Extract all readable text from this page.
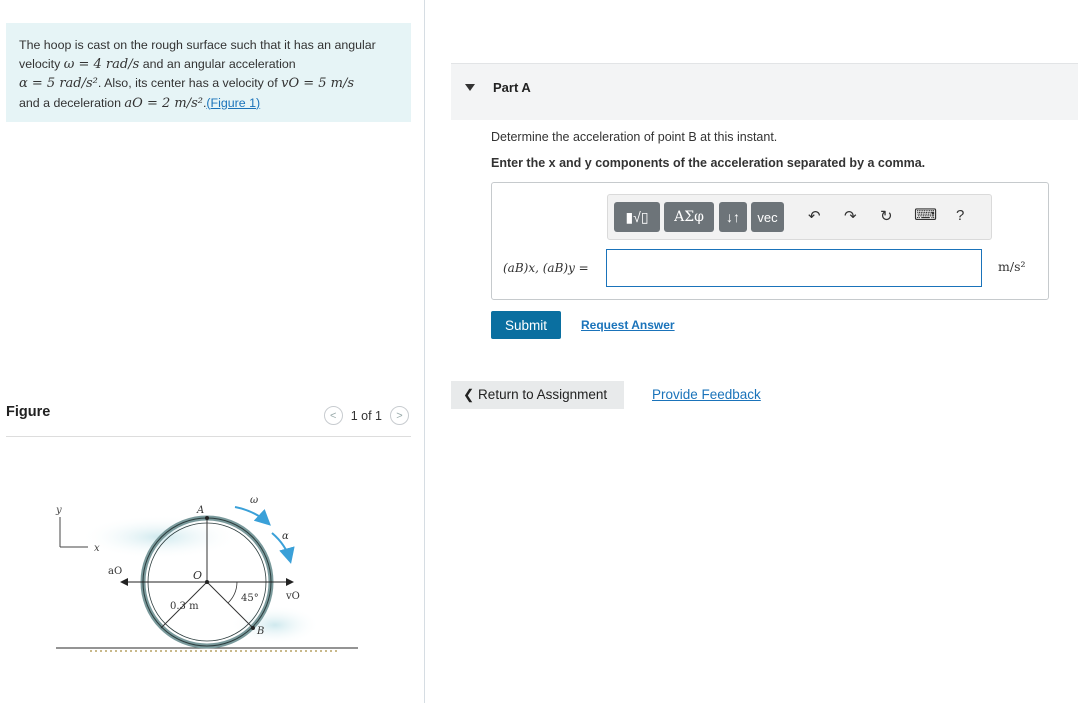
The hoop is cast on the rough surface such that it has an angular
velocity ω = 4 rad/s and an angular acceleration
α = 5 rad/s². Also, its center has a velocity of vO = 5 m/s
and a deceleration aO = 2 m/s².(Figure 1)
Figure	< 1 of 1 >
y
x
A
O
B
ω
α
aO
vO
0.3 m
45°
Part A
Determine the acceleration of point B at this instant.
Enter the x and y components of the acceleration separated by a comma.
▮√▯ ΑΣφ ↓↑ vec ↶ ↷ ↻ ⌨ ?
(aB)x, (aB)y =	m/s²
Submit	Request Answer
❮ Return to Assignment	Provide Feedback
